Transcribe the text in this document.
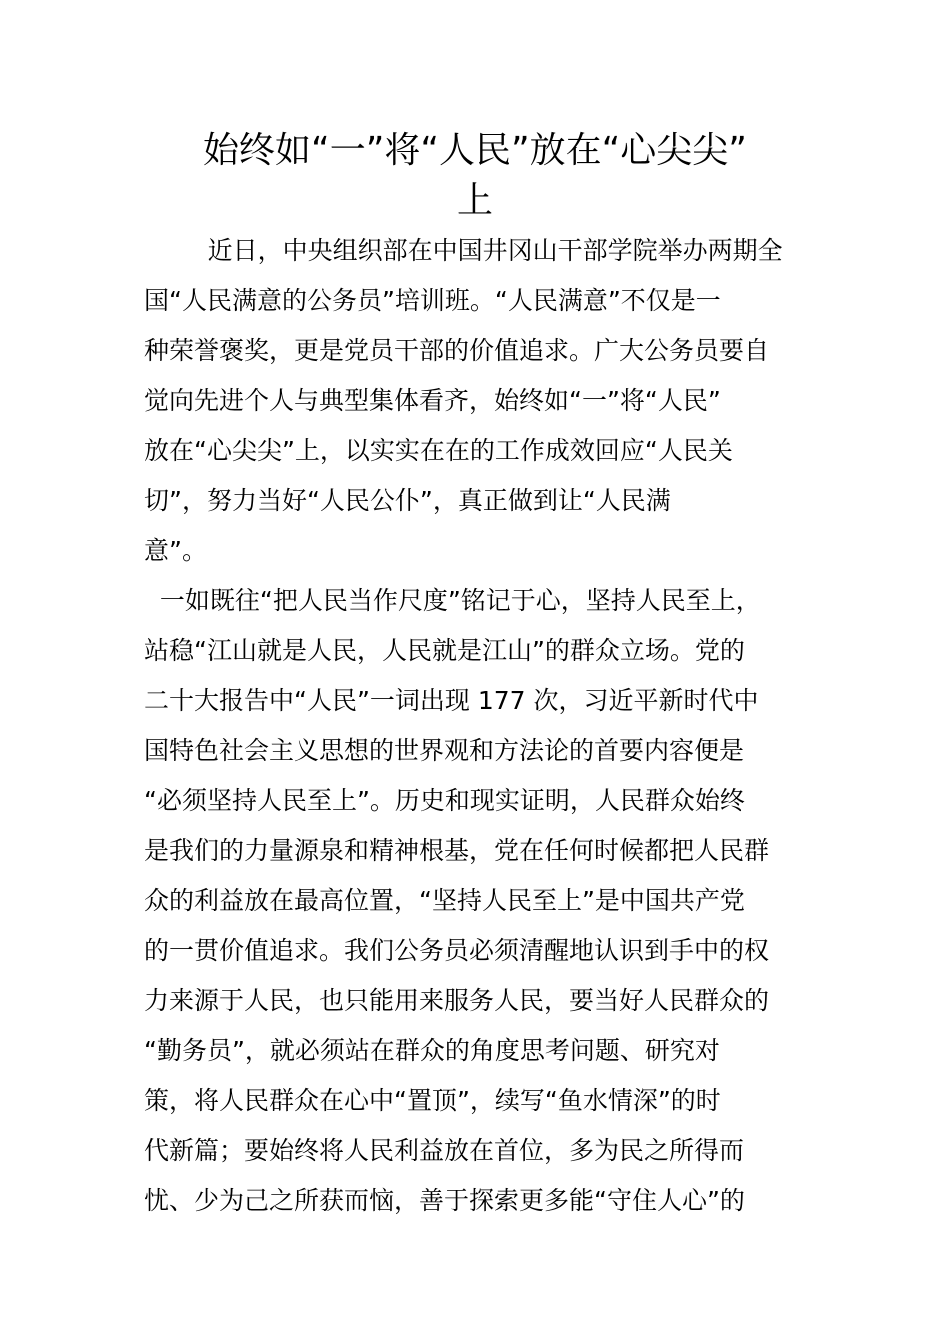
始终如“一”将“人民”放在“心尖尖”
上
近日，中央组织部在中国井冈山干部学院举办两期全
国“人民满意的公务员”培训班。“人民满意”不仅是一
种荣誉褒奖，更是党员干部的价值追求。广大公务员要自
觉向先进个人与典型集体看齐，始终如“一”将“人民”
放在“心尖尖”上，以实实在在的工作成效回应“人民关
切”，努力当好“人民公仆”，真正做到让“人民满
意”。
一如既往“把人民当作尺度”铭记于心，坚持人民至上，
站稳“江山就是人民，人民就是江山”的群众立场。党的
二十大报告中“人民”一词出现 177 次，习近平新时代中
国特色社会主义思想的世界观和方法论的首要内容便是
“必须坚持人民至上”。历史和现实证明，人民群众始终
是我们的力量源泉和精神根基，党在任何时候都把人民群
众的利益放在最高位置，“坚持人民至上”是中国共产党
的一贯价值追求。我们公务员必须清醒地认识到手中的权
力来源于人民，也只能用来服务人民，要当好人民群众的
“勤务员”，就必须站在群众的角度思考问题、研究对
策，将人民群众在心中“置顶”，续写“鱼水情深”的时
代新篇；要始终将人民利益放在首位，多为民之所得而
忧、少为己之所获而恼，善于探索更多能“守住人心”的
